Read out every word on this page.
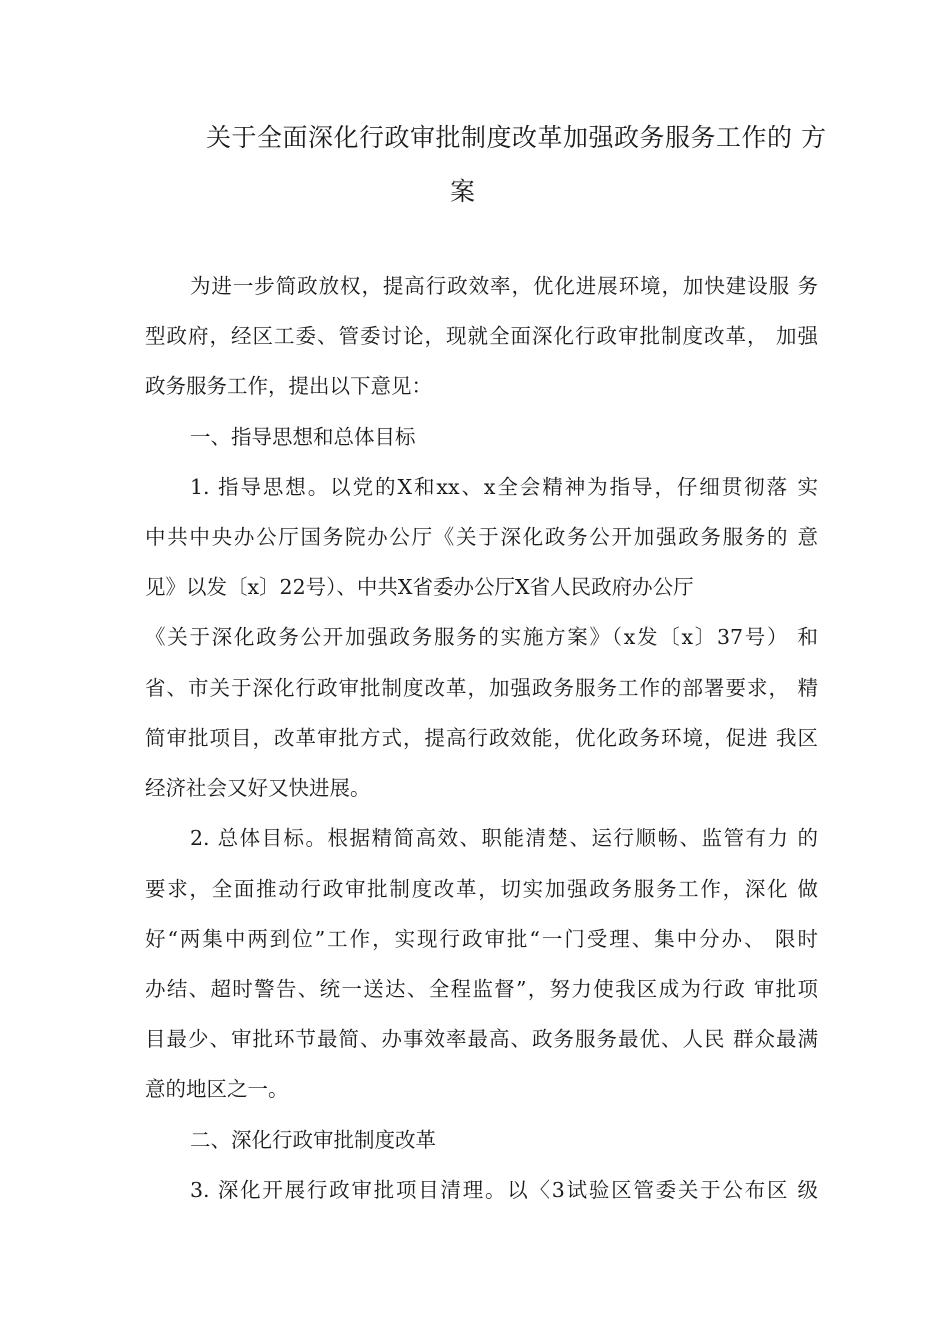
关于全面深化行政审批制度改革加强政务服务工作的 方
案
为进一步简政放权，提高行政效率，优化进展环境，加快建设服 务
型政府，经区工委、管委讨论，现就全面深化行政审批制度改革， 加强
政务服务工作，提出以下意见：
一、指导思想和总体目标
1. 指导思想。以党的X和xx、x全会精神为指导，仔细贯彻落 实
中共中央办公厅国务院办公厅《关于深化政务公开加强政务服务的 意
见》以发〔x〕22号）、中共X省委办公厅X省人民政府办公厅
《关于深化政务公开加强政务服务的实施方案》（x发〔x〕37号） 和
省、市关于深化行政审批制度改革，加强政务服务工作的部署要求， 精
简审批项目，改革审批方式，提高行政效能，优化政务环境，促进 我区
经济社会又好又快进展。
2. 总体目标。根据精简高效、职能清楚、运行顺畅、监管有力 的
要求，全面推动行政审批制度改革，切实加强政务服务工作，深化 做
好“两集中两到位”工作，实现行政审批“一门受理、集中分办、 限时
办结、超时警告、统一送达、全程监督”，努力使我区成为行政 审批项
目最少、审批环节最简、办事效率最高、政务服务最优、人民 群众最满
意的地区之一。
二、深化行政审批制度改革
3. 深化开展行政审批项目清理。以〈3试验区管委关于公布区 级
